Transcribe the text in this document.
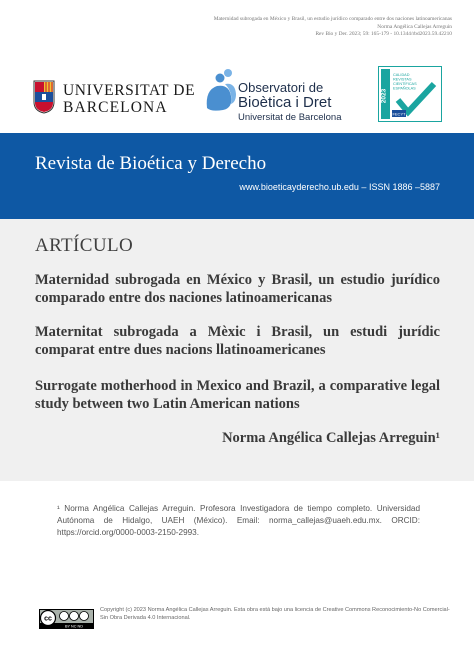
Maternidad subrogada en México y Brasil, un estudio jurídico comparado entre dos naciones latinoamericanas
Norma Angélica Callejas Arreguin
Rev Bio y Der. 2023; 59: 165-179 - 10.1344/rbd2023.59.42210
UNIVERSITAT DE
BARCELONA
Observatori de
Bioètica i Dret
Universitat de Barcelona
2023
CALIDAD
REVISTAS
CIENTÍFICAS
ESPAÑOLAS
FECYT
Revista de Bioética y Derecho
www.bioeticayderecho.ub.edu – ISSN 1886 –5887
ARTÍCULO
Maternidad subrogada en México y Brasil, un estudio jurídico comparado entre dos naciones latinoamericanas
Maternitat subrogada a Mèxic i Brasil, un estudi jurídic comparat entre dues nacions llatinoamericanes
Surrogate motherhood in Mexico and Brazil, a comparative legal study between two Latin American nations
Norma Angélica Callejas Arreguin¹
¹ Norma Angélica Callejas Arreguin. Profesora Investigadora de tiempo completo. Universidad Autónoma de Hidalgo, UAEH (México). Email: norma_callejas@uaeh.edu.mx. ORCID: https://orcid.org/0000-0003-2150-2993.
cc
BY NC ND
Copyright (c) 2023 Norma Angélica Callejas Arreguin. Esta obra está bajo una licencia de Creative Commons Reconocimiento-No Comercial-Sin Obra Derivada 4.0 Internacional.
